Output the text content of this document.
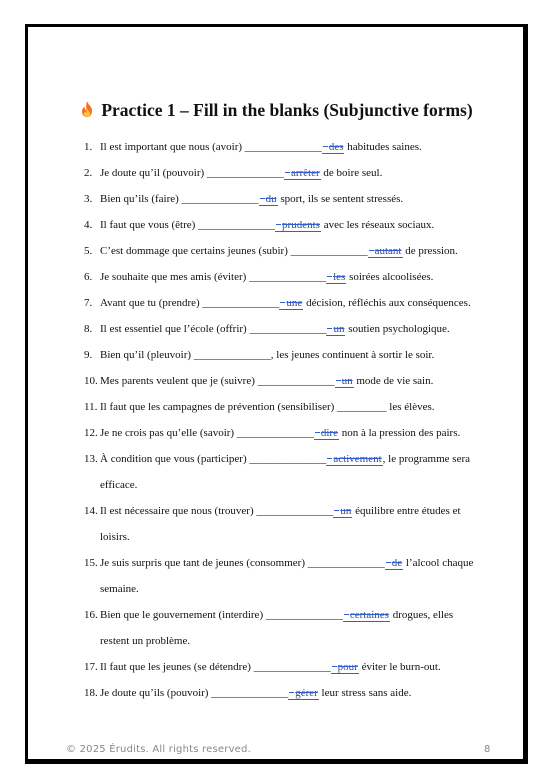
Practice 1 – Fill in the blanks (Subjunctive forms)
1. Il est important que nous (avoir) ______________ des habitudes saines.
2. Je doute qu’il (pouvoir) ______________ arrêter de boire seul.
3. Bien qu’ils (faire) ______________ du sport, ils se sentent stressés.
4. Il faut que vous (être) ______________ prudents avec les réseaux sociaux.
5. C’est dommage que certains jeunes (subir) ______________ autant de pression.
6. Je souhaite que mes amis (éviter) ______________ les soirées alcoolisées.
7. Avant que tu (prendre) ______________ une décision, réfléchis aux conséquences.
8. Il est essentiel que l’école (offrir) ______________ un soutien psychologique.
9. Bien qu’il (pleuvoir) ______________, les jeunes continuent à sortir le soir.
10. Mes parents veulent que je (suivre) ______________ un mode de vie sain.
11. Il faut que les campagnes de prévention (sensibiliser) _________ les élèves.
12. Je ne crois pas qu’elle (savoir) ______________ dire non à la pression des pairs.
13. À condition que vous (participer) ______________ activement, le programme sera
efficace.
14. Il est nécessaire que nous (trouver) ______________ un équilibre entre études et
loisirs.
15. Je suis surpris que tant de jeunes (consommer) ______________ de l’alcool chaque
semaine.
16. Bien que le gouvernement (interdire) ______________ certaines drogues, elles
restent un problème.
17. Il faut que les jeunes (se détendre) ______________ pour éviter le burn-out.
18. Je doute qu’ils (pouvoir) ______________ gérer leur stress sans aide.
© 2025 Érudits. All rights reserved.	8
